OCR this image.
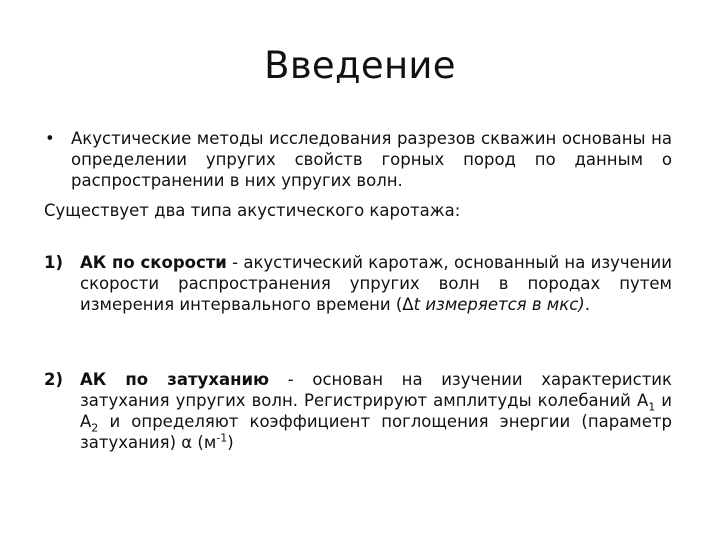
Введение
• Акустические методы исследования разрезов скважин основаны на определении упругих свойств горных пород по данным о распространении в них упругих волн.
Существует два типа акустического каротажа:
1)	АК по скорости - акустический каротаж, основанный на изучении скорости распространения упругих волн в породах путем измерения интервального времени (Δt измеряется в мкс).
2)	АК по затуханию - основан на изучении характеристик затухания упругих волн. Регистрируют амплитуды колебаний $А_1$ и $А_2$ и определяют коэффициент поглощения энергии (параметр затухания) α $(м^{-1})$
